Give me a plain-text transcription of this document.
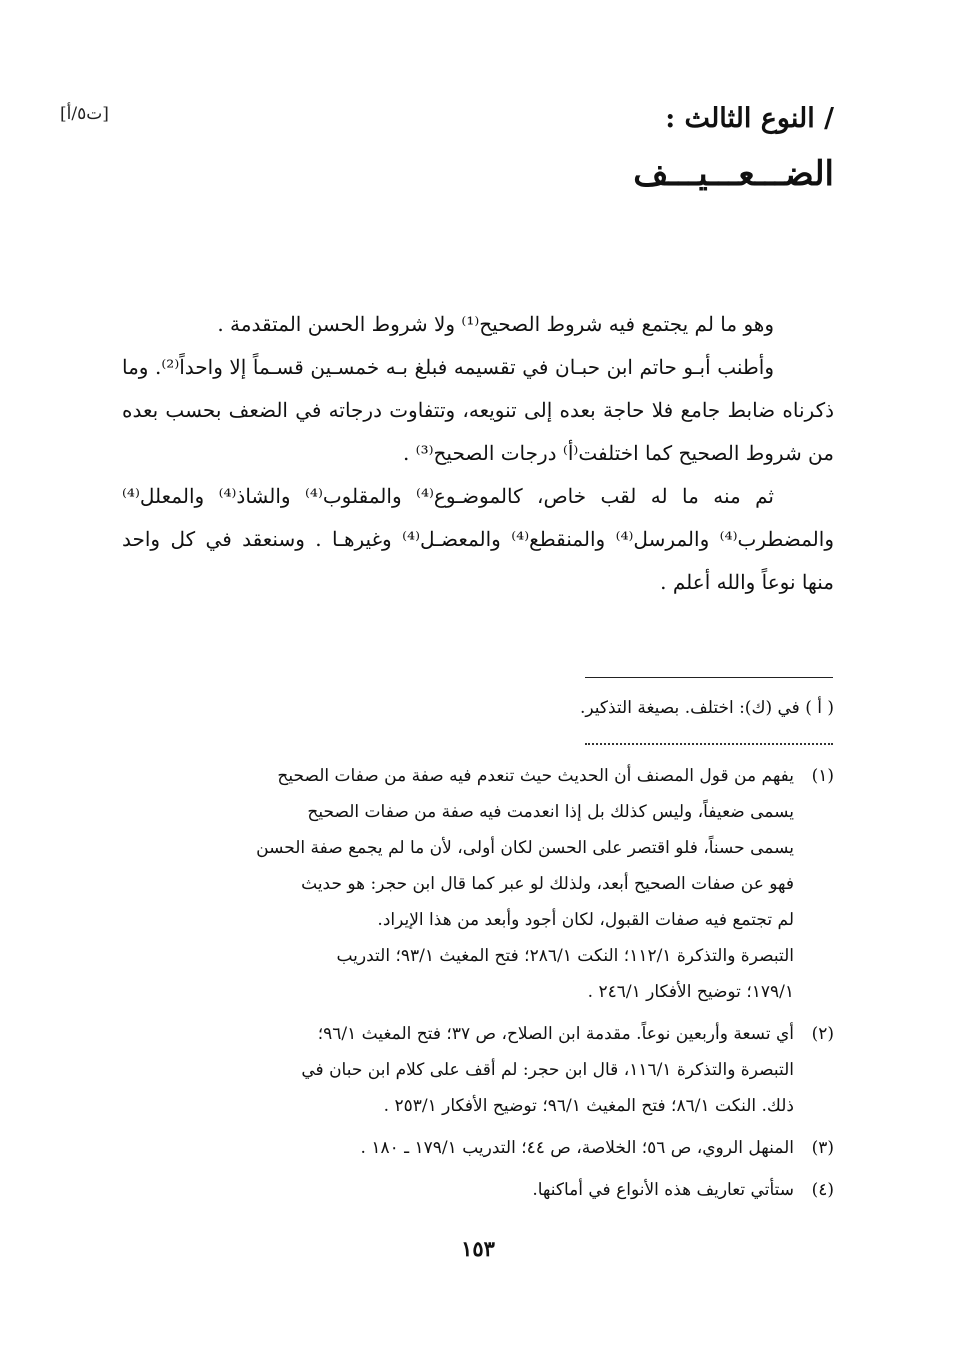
[ت٥/أ]	/ النوع الثالث :
الضـــعـــيـــف

وهو ما لم يجتمع فيه شروط الصحيح⁽¹⁾ ولا شروط الحسن المتقدمة .

وأطنب أبـو حاتم ابن حبـان في تقسيمه فبلغ بـه خمسـين قسـماً إلا واحداً⁽²⁾. وما ذكرناه ضابط جامع فلا حاجة بعده إلى تنويعه، وتتفاوت درجاته في الضعف بحسب بعده من شروط الصحيح كما اختلفت⁽أ⁾ درجات الصحيح⁽³⁾ .

ثم منه ما له لقب خاص، كالموضـوع⁽⁴⁾ والمقلوب⁽⁴⁾ والشاذ⁽⁴⁾ والمعلل⁽⁴⁾ والمضطرب⁽⁴⁾ والمرسل⁽⁴⁾ والمنقطع⁽⁴⁾ والمعضـل⁽⁴⁾ وغيرهـا . وسنعقد في كل واحد منها نوعاً والله أعلم .

( أ ) في (ك): اختلف. بصيغة التذكير.
(١)
يفهم من قول المصنف أن الحديث حيث تنعدم فيه صفة من صفات الصحيح
يسمى ضعيفاً، وليس كذلك بل إذا انعدمت فيه صفة من صفات الصحيح
يسمى حسناً، فلو اقتصر على الحسن لكان أولى، لأن ما لم يجمع صفة الحسن
فهو عن صفات الصحيح أبعد، ولذلك لو عبر كما قال ابن حجر: هو حديث
لم تجتمع فيه صفات القبول، لكان أجود وأبعد من هذا الإيراد.
التبصرة والتذكرة ١١٢/١؛ النكت ٢٨٦/١؛ فتح المغيث ٩٣/١؛ التدريب
١٧٩/١؛ توضيح الأفكار ٢٤٦/١ .
(٢)
أي تسعة وأربعين نوعاً. مقدمة ابن الصلاح، ص ٣٧؛ فتح المغيث ٩٦/١؛
التبصرة والتذكرة ١١٦/١، قال ابن حجر: لم أقف على كلام ابن حبان في
ذلك. النكت ٨٦/١؛ فتح المغيث ٩٦/١؛ توضيح الأفكار ٢٥٣/١ .
(٣)
المنهل الروي، ص ٥٦؛ الخلاصة، ص ٤٤؛ التدريب ١٧٩/١ ـ ١٨٠ .
(٤)
ستأتي تعاريف هذه الأنواع في أماكنها.
١٥٣
